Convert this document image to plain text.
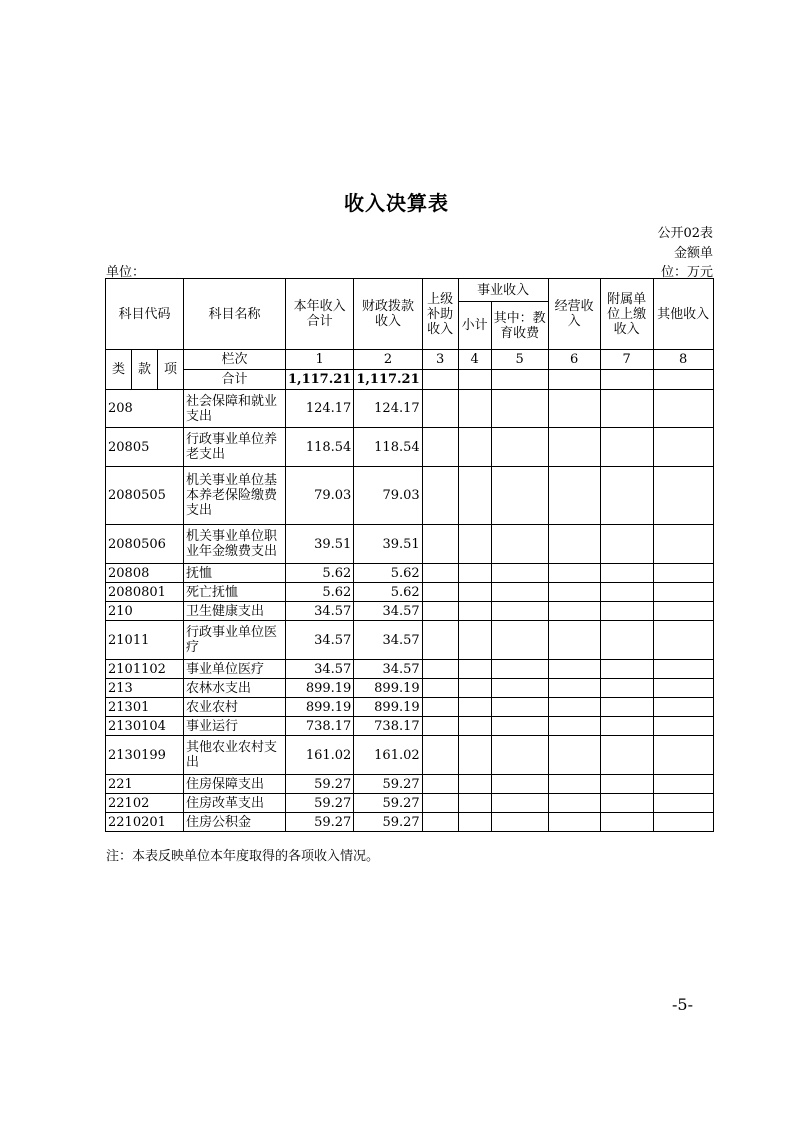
收入决算表
公开02表
金额单
位：万元
单位：
科目代码			科目名称	本年收入合计	财政拨款收入	上级补助收入	事业收入		经营收入	附属单位上缴收入	其他收入
							小计	其中：教育收费			

类	款	项	栏次	1	2	3	4	5	6	7	8
			合计	1,117.21	1,117.21						
208			社会保障和就业支出	124.17	124.17						
20805			行政事业单位养老支出	118.54	118.54						
2080505			机关事业单位基本养老保险缴费支出	79.03	79.03						
2080506			机关事业单位职业年金缴费支出	39.51	39.51						
20808			抚恤	5.62	5.62						
2080801			死亡抚恤	5.62	5.62						
210			卫生健康支出	34.57	34.57						
21011			行政事业单位医疗	34.57	34.57						
2101102			事业单位医疗	34.57	34.57						
213			农林水支出	899.19	899.19						
21301			农业农村	899.19	899.19						
2130104			事业运行	738.17	738.17						
2130199			其他农业农村支出	161.02	161.02						
221			住房保障支出	59.27	59.27						
22102			住房改革支出	59.27	59.27						
2210201			住房公积金	59.27	59.27						
注：本表反映单位本年度取得的各项收入情况。
-5-
